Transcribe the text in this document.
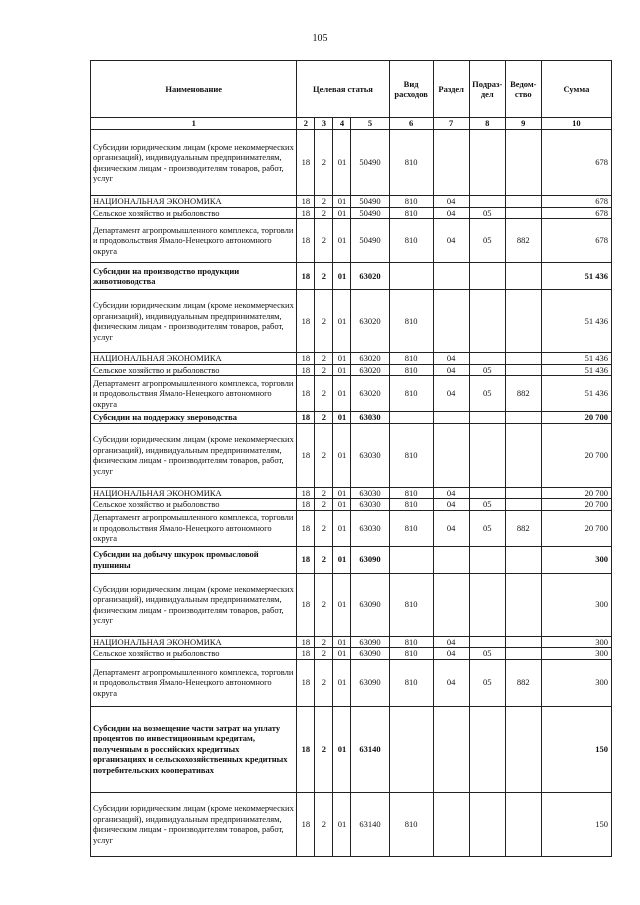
105
Наименование	Целевая статья				Вид расходов	Раздел	Подраз-дел	Ведом-ство	Сумма
1	2	3	4	5	6	7	8	9	10
Субсидии юридическим лицам (кроме некоммерческих организаций), индивидуальным предпринимателям, физическим лицам - производителям товаров, работ, услуг	18	2	01	50490	810				678
НАЦИОНАЛЬНАЯ ЭКОНОМИКА	18	2	01	50490	810	04			678
Сельское хозяйство и рыболовство	18	2	01	50490	810	04	05		678
Департамент агропромышленного комплекса, торговли и продовольствия Ямало-Ненецкого автономного округа	18	2	01	50490	810	04	05	882	678
Субсидии на производство продукции животноводства	18	2	01	63020					51 436
Субсидии юридическим лицам (кроме некоммерческих организаций), индивидуальным предпринимателям, физическим лицам - производителям товаров, работ, услуг	18	2	01	63020	810				51 436
НАЦИОНАЛЬНАЯ ЭКОНОМИКА	18	2	01	63020	810	04			51 436
Сельское хозяйство и рыболовство	18	2	01	63020	810	04	05		51 436
Департамент агропромышленного комплекса, торговли и продовольствия Ямало-Ненецкого автономного округа	18	2	01	63020	810	04	05	882	51 436
Субсидии на поддержку звероводства	18	2	01	63030					20 700
Субсидии юридическим лицам (кроме некоммерческих организаций), индивидуальным предпринимателям, физическим лицам - производителям товаров, работ, услуг	18	2	01	63030	810				20 700
НАЦИОНАЛЬНАЯ ЭКОНОМИКА	18	2	01	63030	810	04			20 700
Сельское хозяйство и рыболовство	18	2	01	63030	810	04	05		20 700
Департамент агропромышленного комплекса, торговли и продовольствия Ямало-Ненецкого автономного округа	18	2	01	63030	810	04	05	882	20 700
Субсидии на добычу шкурок промысловой пушнины	18	2	01	63090					300
Субсидии юридическим лицам (кроме некоммерческих организаций), индивидуальным предпринимателям, физическим лицам - производителям товаров, работ, услуг	18	2	01	63090	810				300
НАЦИОНАЛЬНАЯ ЭКОНОМИКА	18	2	01	63090	810	04			300
Сельское хозяйство и рыболовство	18	2	01	63090	810	04	05		300
Департамент агропромышленного комплекса, торговли и продовольствия Ямало-Ненецкого автономного округа	18	2	01	63090	810	04	05	882	300
Субсидии на возмещение части затрат на уплату процентов по инвестиционным кредитам, полученным в российских кредитных организациях и сельскохозяйственных кредитных потребительских кооперативах	18	2	01	63140					150
Субсидии юридическим лицам (кроме некоммерческих организаций), индивидуальным предпринимателям, физическим лицам - производителям товаров, работ, услуг	18	2	01	63140	810				150
